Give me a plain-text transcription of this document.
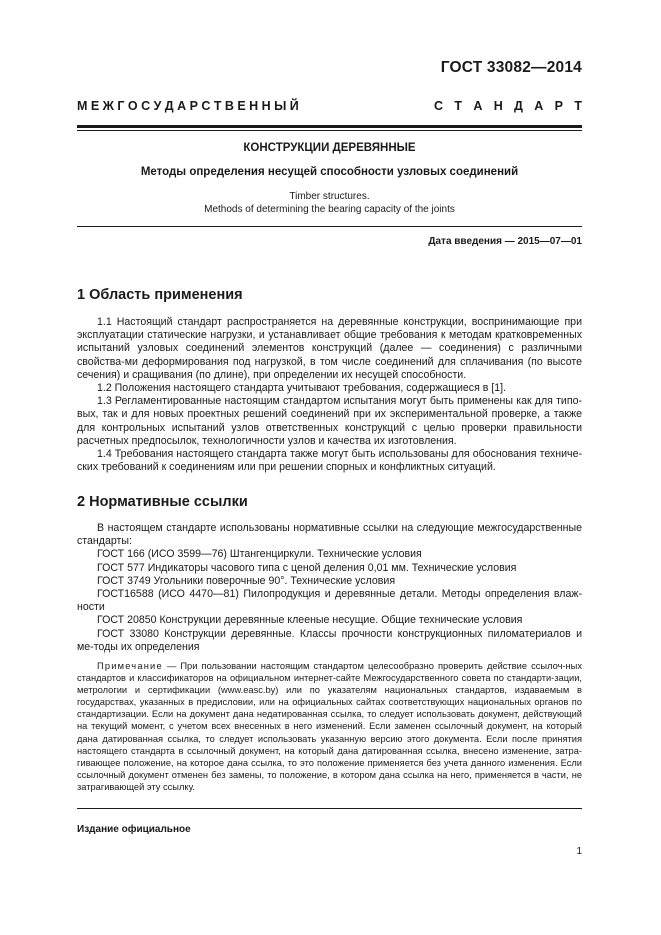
ГОСТ 33082—2014
М Е Ж Г О С У Д А Р С Т В Е Н Н Ы Й	С Т А Н Д А Р Т
КОНСТРУКЦИИ ДЕРЕВЯННЫЕ
Методы определения несущей способности узловых соединений
Timber structures.
Methods of determining the bearing capacity of the joints
Дата введения — 2015—07—01
1 Область применения

1.1 Настоящий стандарт распространяется на деревянные конструкции, воспринимающие при эксплуатации статические нагрузки, и устанавливает общие требования к методам кратковременных испытаний узловых соединений элементов конструкций (далее — соединения) с различными свойства-ми деформирования под нагрузкой, в том числе соединений для сплачивания (по высоте сечения) и сращивания (по длине), при определении их несущей способности.

1.2 Положения настоящего стандарта учитывают требования, содержащиеся в [1].

1.3 Регламентированные настоящим стандартом испытания могут быть применены как для типо-вых, так и для новых проектных решений соединений при их экспериментальной проверке, а также для контрольных испытаний узлов ответственных конструкций с целью проверки правильности расчетных предпосылок, технологичности узлов и качества их изготовления.

1.4 Требования настоящего стандарта также могут быть использованы для обоснования техниче-ских требований к соединениям или при решении спорных и конфликтных ситуаций.

2 Нормативные ссылки

В настоящем стандарте использованы нормативные ссылки на следующие межгосударственные стандарты:

ГОСТ 166 (ИСО 3599—76) Штангенциркули. Технические условия

ГОСТ 577 Индикаторы часового типа с ценой деления 0,01 мм. Технические условия

ГОСТ 3749 Угольники поверочные 90°. Технические условия

ГОСТ16588 (ИСО 4470—81) Пилопродукция и деревянные детали. Методы определения влаж-ности

ГОСТ 20850 Конструкции деревянные клееные несущие. Общие технические условия

ГОСТ 33080 Конструкции деревянные. Классы прочности конструкционных пиломатериалов и ме-тоды их определения

Примечание — При пользовании настоящим стандартом целесообразно проверить действие ссылоч-ных стандартов и классификаторов на официальном интернет-сайте Межгосударственного совета по стандарти-зации, метрологии и сертификации (www.easc.by) или по указателям национальных стандартов, издаваемым в государствах, указанных в предисловии, или на официальных сайтах соответствующих национальных органов по стандартизации. Если на документ дана недатированная ссылка, то следует использовать документ, действующий на текущий момент, с учетом всех внесенных в него изменений. Если заменен ссылочный документ, на который дана датированная ссылка, то следует использовать указанную версию этого документа. Если после принятия настоящего стандарта в ссылочный документ, на который дана датированная ссылка, внесено изменение, затра-гивающее положение, на которое дана ссылка, то это положение применяется без учета данного изменения. Если ссылочный документ отменен без замены, то положение, в котором дана ссылка на него, применяется в части, не затрагивающей эту ссылку.
Издание официальное
1
